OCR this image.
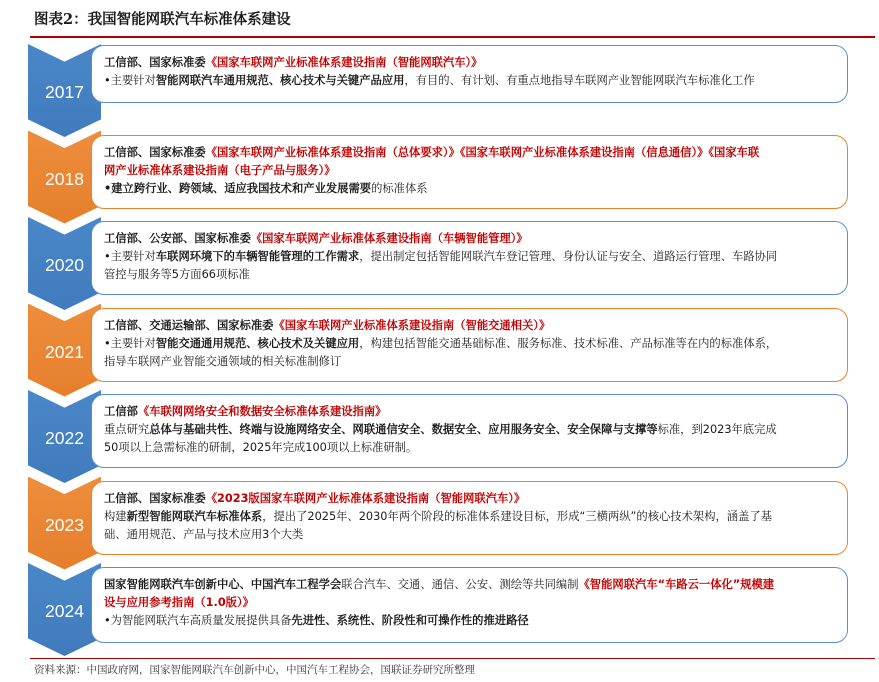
图表2：我国智能网联汽车标准体系建设
2017
工信部、国家标准委《国家车联网产业标准体系建设指南（智能网联汽车）》
•主要针对智能网联汽车通用规范、核心技术与关键产品应用，有目的、有计划、有重点地指导车联网产业智能网联汽车标准化工作
2018
工信部、国家标准委《国家车联网产业标准体系建设指南（总体要求）》《国家车联网产业标准体系建设指南（信息通信）》《国家车联
网产业标准体系建设指南（电子产品与服务）》
•建立跨行业、跨领域、适应我国技术和产业发展需要的标准体系
2020
工信部、公安部、国家标准委《国家车联网产业标准体系建设指南（车辆智能管理）》
•主要针对车联网环境下的车辆智能管理的工作需求，提出制定包括智能网联汽车登记管理、身份认证与安全、道路运行管理、车路协同
管控与服务等5方面66项标准
2021
工信部、交通运输部、国家标准委《国家车联网产业标准体系建设指南（智能交通相关）》
•主要针对智能交通通用规范、核心技术及关键应用，构建包括智能交通基础标准、服务标准、技术标准、产品标准等在内的标准体系，
指导车联网产业智能交通领域的相关标准制修订
2022
工信部《车联网网络安全和数据安全标准体系建设指南》
重点研究总体与基础共性、终端与设施网络安全、网联通信安全、数据安全、应用服务安全、安全保障与支撑等标准，到2023年底完成
50项以上急需标准的研制，2025年完成100项以上标准研制。
2023
工信部、国家标准委《2023版国家车联网产业标准体系建设指南（智能网联汽车）》
构建新型智能网联汽车标准体系，提出了2025年、2030年两个阶段的标准体系建设目标，形成“三横两纵”的核心技术架构，涵盖了基
础、通用规范、产品与技术应用3个大类
2024
国家智能网联汽车创新中心、中国汽车工程学会联合汽车、交通、通信、公安、测绘等共同编制《智能网联汽车“车路云一体化”规模建
设与应用参考指南（1.0版）》
•为智能网联汽车高质量发展提供具备先进性、系统性、阶段性和可操作性的推进路径
资料来源：中国政府网，国家智能网联汽车创新中心，中国汽车工程协会，国联证券研究所整理
